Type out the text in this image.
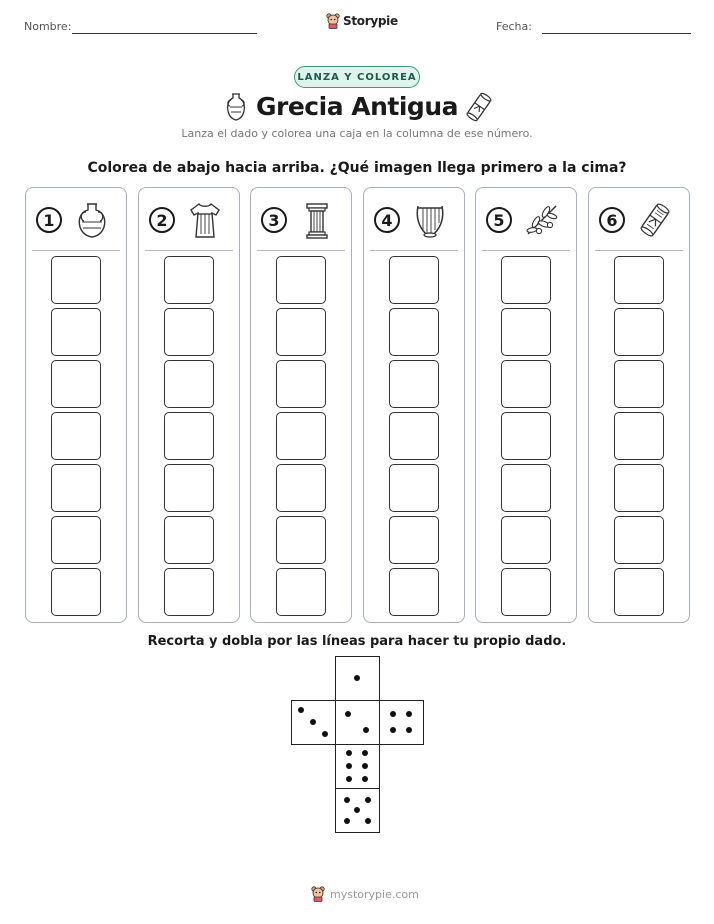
Nombre:	Storypie	Fecha:
LANZA Y COLOREA
Grecia Antigua
Lanza el dado y colorea una caja en la columna de ese número.
Colorea de abajo hacia arriba. ¿Qué imagen llega primero a la cima?
1	2	3	4	5	6
Recorta y dobla por las líneas para hacer tu propio dado.
mystorypie.com
